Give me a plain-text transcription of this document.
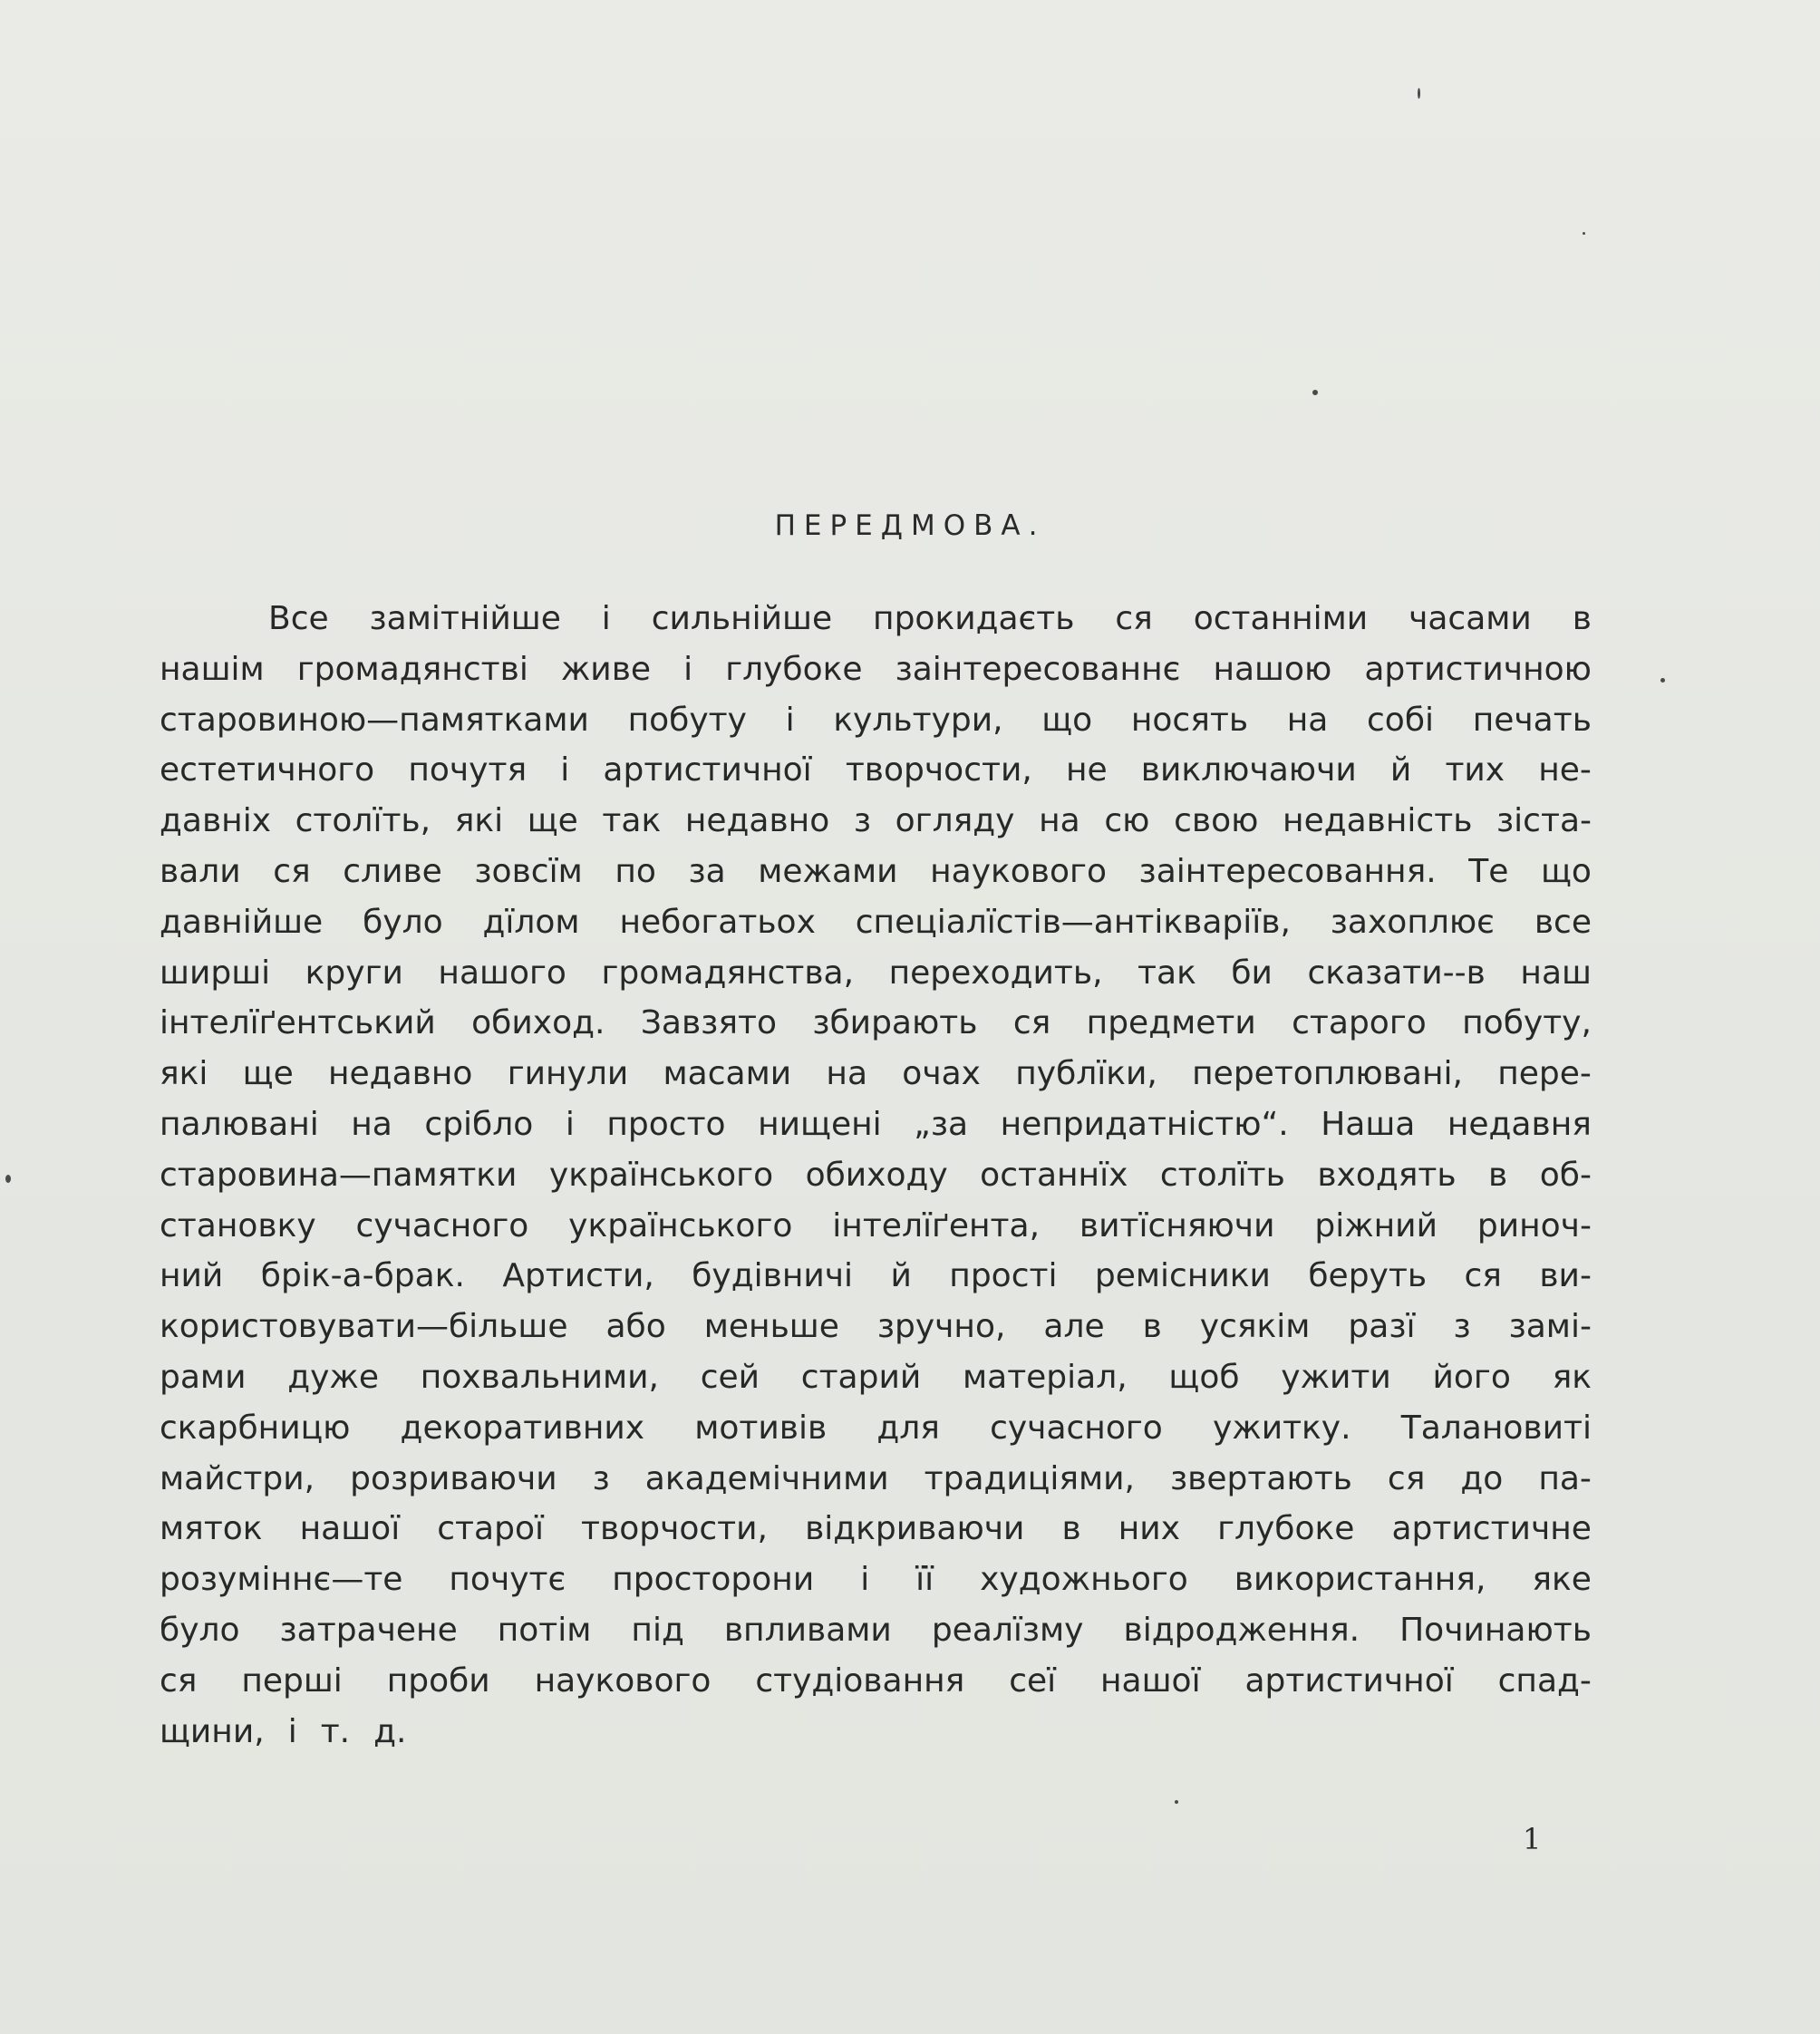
ПЕРЕДМОВА.
Все замітнійше і сильнійше прокидаєть ся останніми часами в
нашім громадянстві живе і глубоке заінтересованнє нашою артистичною
старовиною—памятками побуту і культури, що носять на собі печать
естетичного почутя і артистичної творчости, не виключаючи й тих не-
давніх столїть, які ще так недавно з огляду на сю свою недавність зіста-
вали ся сливе зовсїм по за межами наукового заінтересовання. Те що
давнійше було дїлом небогатьох спеціалїстів—антікваріїв, захоплює все
ширші круги нашого громадянства, переходить, так би сказати--в наш
інтелїґентський обиход. Завзято збирають ся предмети старого побуту,
які ще недавно гинули масами на очах публїки, перетоплювані, пере-
палювані на срібло і просто нищені „за непридатністю“. Наша недавня
старовина—памятки українського обиходу останнїх столїть входять в об-
становку сучасного українського інтелїґента, витїсняючи ріжний риноч-
ний брік-а-брак. Артисти, будівничі й прості ремісники беруть ся ви-
користовувати—більше або меньше зручно, але в усякім разї з замі-
рами дуже похвальними, сей старий матеріал, щоб ужити його як
скарбницю декоративних мотивів для сучасного ужитку. Талановиті
майстри, розриваючи з академічними традиціями, звертають ся до па-
мяток нашої старої творчости, відкриваючи в них глубоке артистичне
розуміннє—те почутє просторони і її художнього використання, яке
було затрачене потім під впливами реалїзму відродження. Починають
ся перші проби наукового студіовання сеї нашої артистичної спад-
щини, і т. д.
1
